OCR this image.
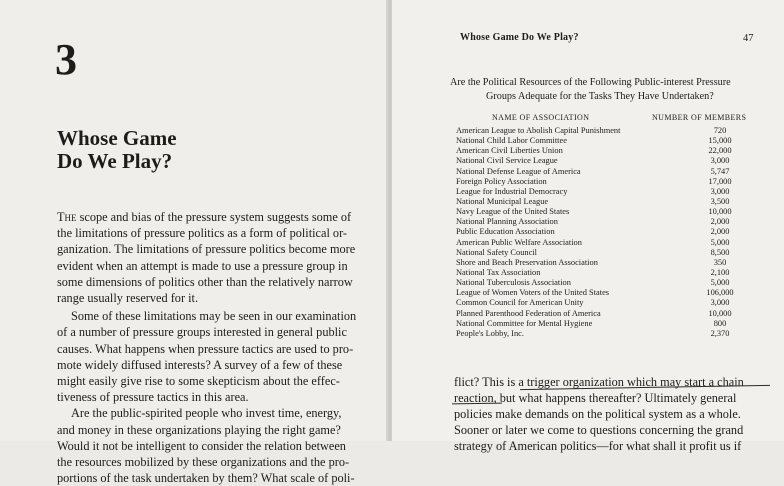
3
Whose Game
Do We Play?
The scope and bias of the pressure system suggests some of
the limitations of pressure politics as a form of political or-
ganization. The limitations of pressure politics become more
evident when an attempt is made to use a pressure group in
some dimensions of politics other than the relatively narrow
range usually reserved for it.
Some of these limitations may be seen in our examination
of a number of pressure groups interested in general public
causes. What happens when pressure tactics are used to pro-
mote widely diffused interests? A survey of a few of these
might easily give rise to some skepticism about the effec-
tiveness of pressure tactics in this area.
Are the public-spirited people who invest time, energy,
and money in these organizations playing the right game?
Would it not be intelligent to consider the relation between
the resources mobilized by these organizations and the pro-
portions of the task undertaken by them? What scale of poli-
Whose Game Do We Play?	47
Are the Political Resources of the Following Public-interest Pressure
Groups Adequate for the Tasks They Have Undertaken?
NAME OF ASSOCIATION	NUMBER OF MEMBERS
American League to Abolish Capital Punishment	720
National Child Labor Committee	15,000
American Civil Liberties Union	22,000
National Civil Service League	3,000
National Defense League of America	5,747
Foreign Policy Association	17,000
League for Industrial Democracy	3,000
National Municipal League	3,500
Navy League of the United States	10,000
National Planning Association	2,000
Public Education Association	2,000
American Public Welfare Association	5,000
National Safety Council	8,500
Shore and Beach Preservation Association	350
National Tax Association	2,100
National Tuberculosis Association	5,000
League of Women Voters of the United States	106,000
Common Council for American Unity	3,000
Planned Parenthood Federation of America	10,000
National Committee for Mental Hygiene	800
People's Lobby, Inc.	2,370
flict? This is a trigger organization which may start a chain
reaction, but what happens thereafter? Ultimately general
policies make demands on the political system as a whole.
Sooner or later we come to questions concerning the grand
strategy of American politics—for what shall it profit us if
